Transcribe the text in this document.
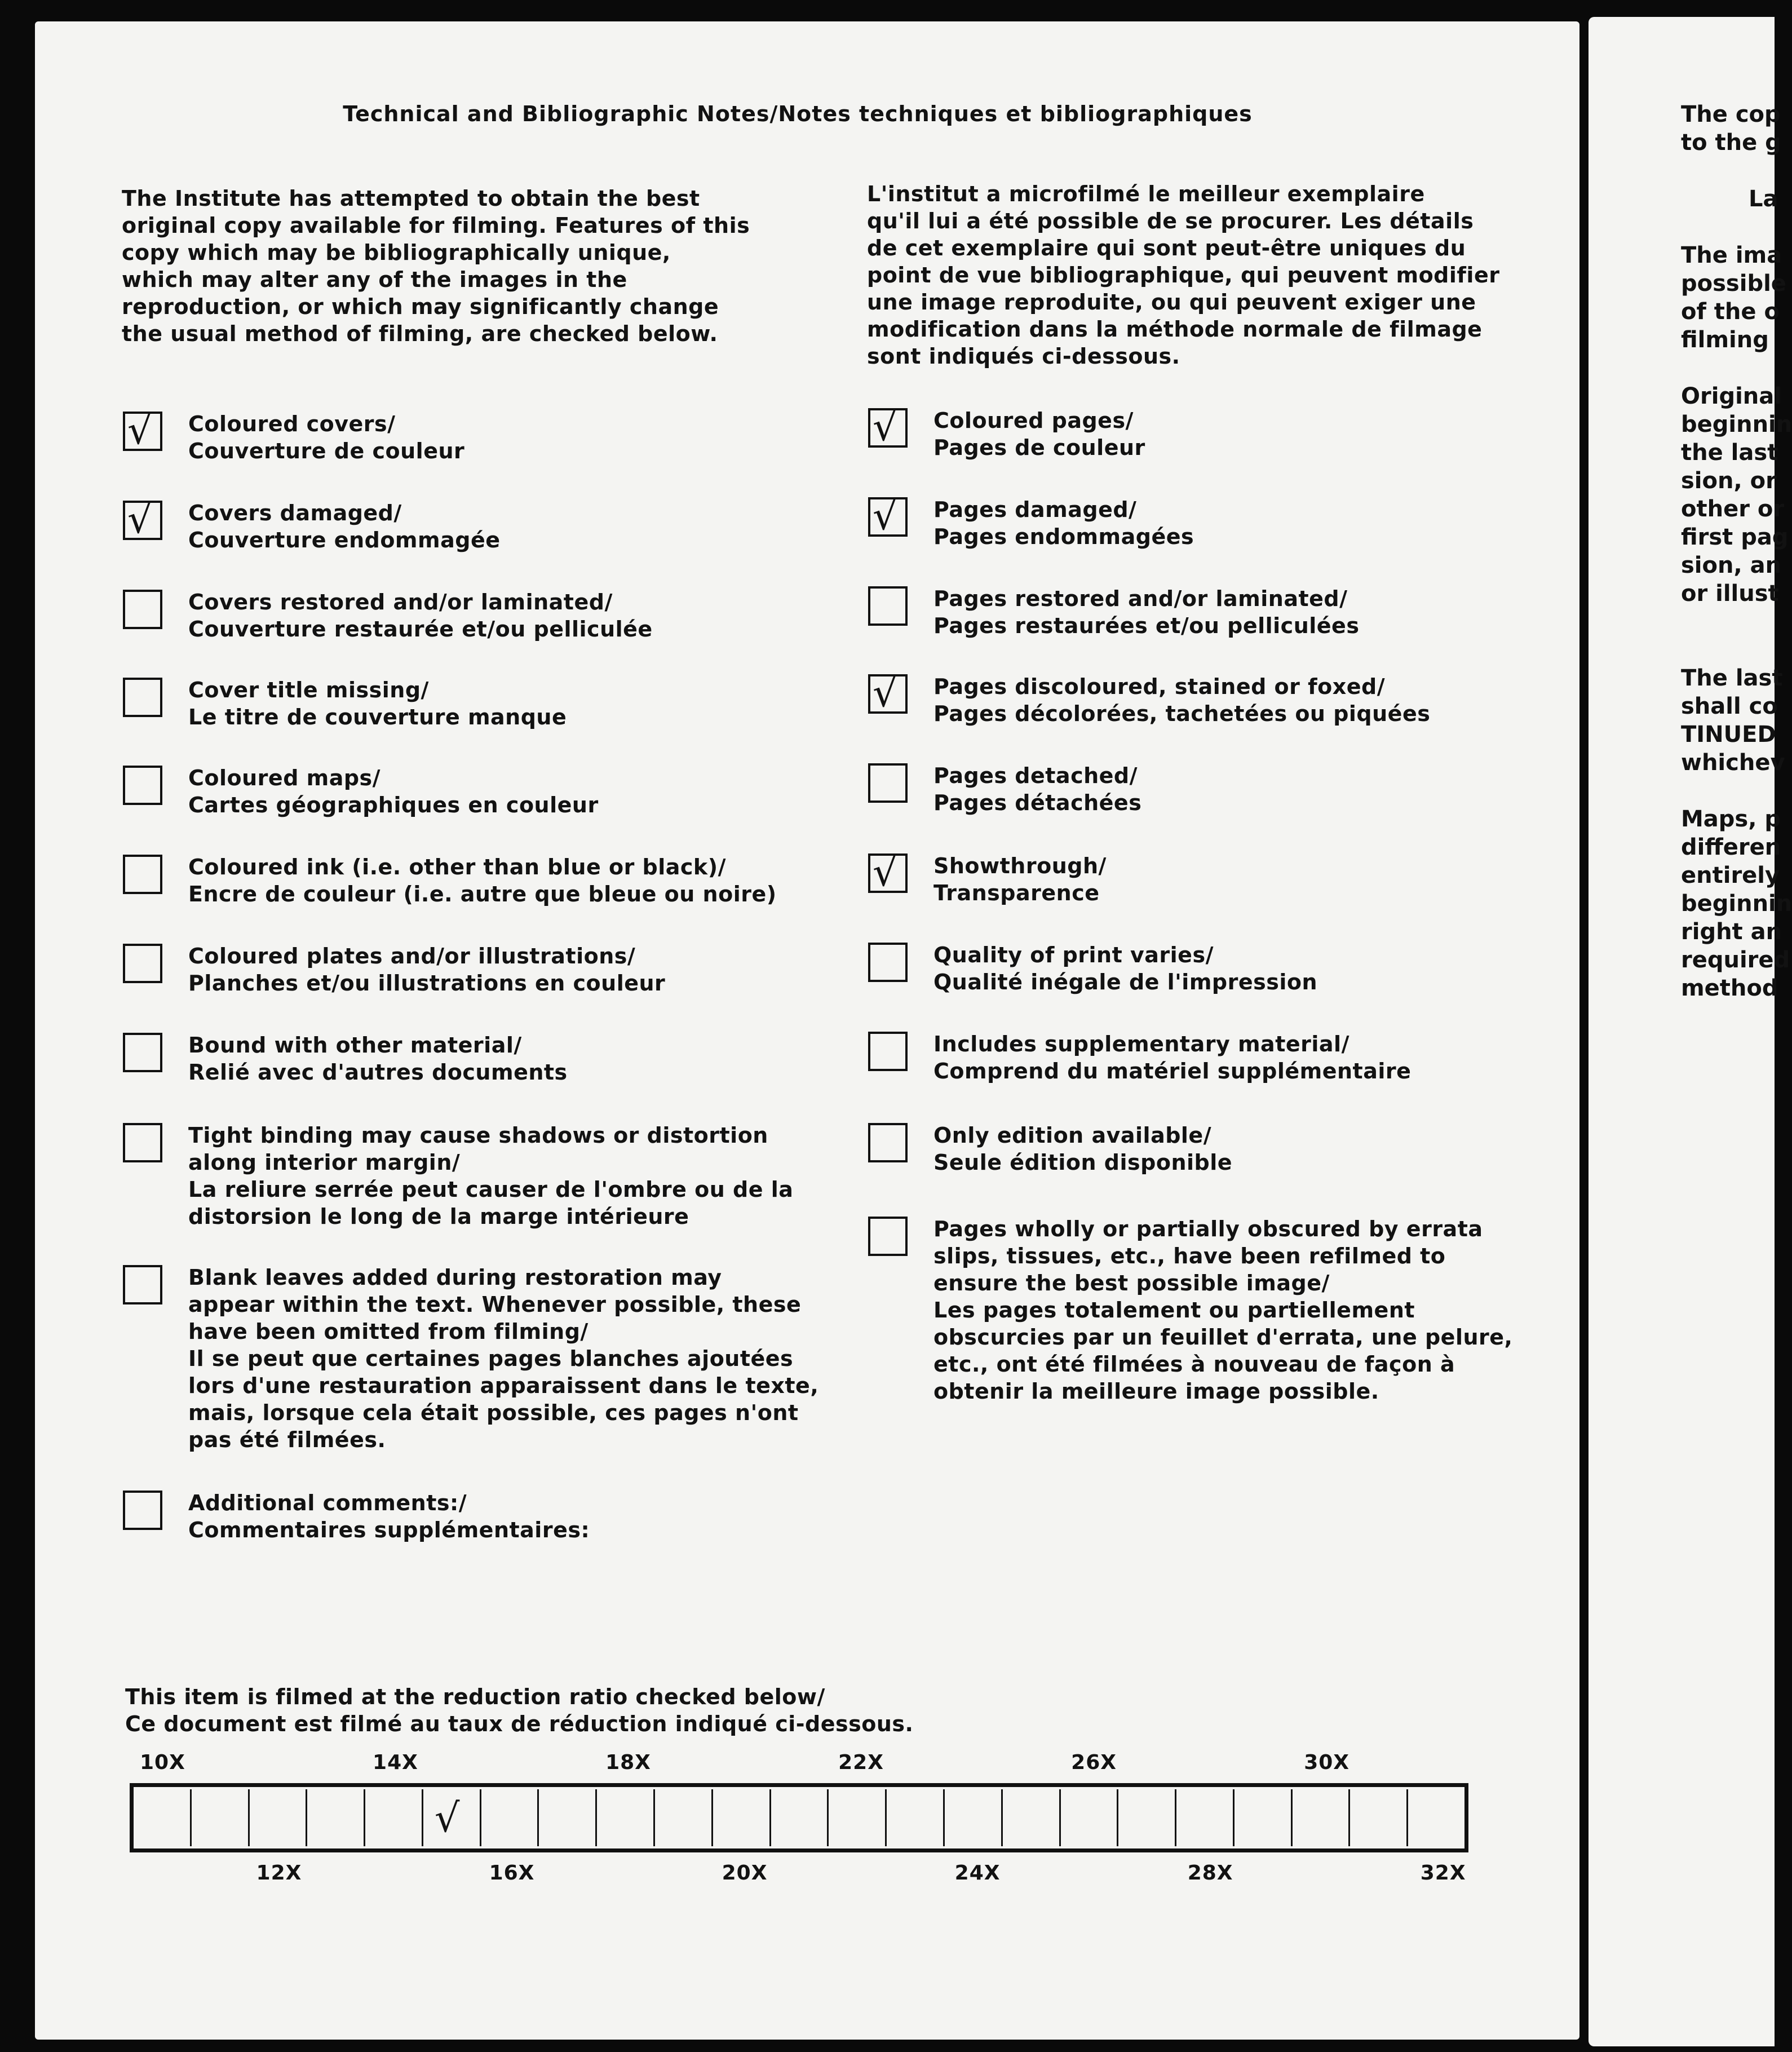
Technical and Bibliographic Notes/Notes techniques et bibliographiques
The Institute has attempted to obtain the best
original copy available for filming. Features of this
copy which may be bibliographically unique,
which may alter any of the images in the
reproduction, or which may significantly change
the usual method of filming, are checked below.
L'institut a microfilmé le meilleur exemplaire
qu'il lui a été possible de se procurer. Les détails
de cet exemplaire qui sont peut-être uniques du
point de vue bibliographique, qui peuvent modifier
une image reproduite, ou qui peuvent exiger une
modification dans la méthode normale de filmage
sont indiqués ci-dessous.
√ Coloured covers/
Couverture de couleur
√ Covers damaged/
Couverture endommagée
Covers restored and/or laminated/
Couverture restaurée et/ou pelliculée
Cover title missing/
Le titre de couverture manque
Coloured maps/
Cartes géographiques en couleur
Coloured ink (i.e. other than blue or black)/
Encre de couleur (i.e. autre que bleue ou noire)
Coloured plates and/or illustrations/
Planches et/ou illustrations en couleur
Bound with other material/
Relié avec d'autres documents
Tight binding may cause shadows or distortion
along interior margin/
La reliure serrée peut causer de l'ombre ou de la
distorsion le long de la marge intérieure
Blank leaves added during restoration may
appear within the text. Whenever possible, these
have been omitted from filming/
Il se peut que certaines pages blanches ajoutées
lors d'une restauration apparaissent dans le texte,
mais, lorsque cela était possible, ces pages n'ont
pas été filmées.
Additional comments:/
Commentaires supplémentaires:
√ Coloured pages/
Pages de couleur
√ Pages damaged/
Pages endommagées
Pages restored and/or laminated/
Pages restaurées et/ou pelliculées
√ Pages discoloured, stained or foxed/
Pages décolorées, tachetées ou piquées
Pages detached/
Pages détachées
√ Showthrough/
Transparence
Quality of print varies/
Qualité inégale de l'impression
Includes supplementary material/
Comprend du matériel supplémentaire
Only edition available/
Seule édition disponible
Pages wholly or partially obscured by errata
slips, tissues, etc., have been refilmed to
ensure the best possible image/
Les pages totalement ou partiellement
obscurcies par un feuillet d'errata, une pelure,
etc., ont été filmées à nouveau de façon à
obtenir la meilleure image possible.
This item is filmed at the reduction ratio checked below/
Ce document est filmé au taux de réduction indiqué ci-dessous.
10X	14X	18X	22X	26X	30X
√
12X	16X	20X	24X	28X	32X
The cop
to the g
La
The ima
possible
of the o
filming
Original
beginnin
the last
sion, or
other or
first pag
sion, an
or illust
The last
shall co
TINUED
whichev
Maps, p
differen
entirely
beginnin
right an
required
method
